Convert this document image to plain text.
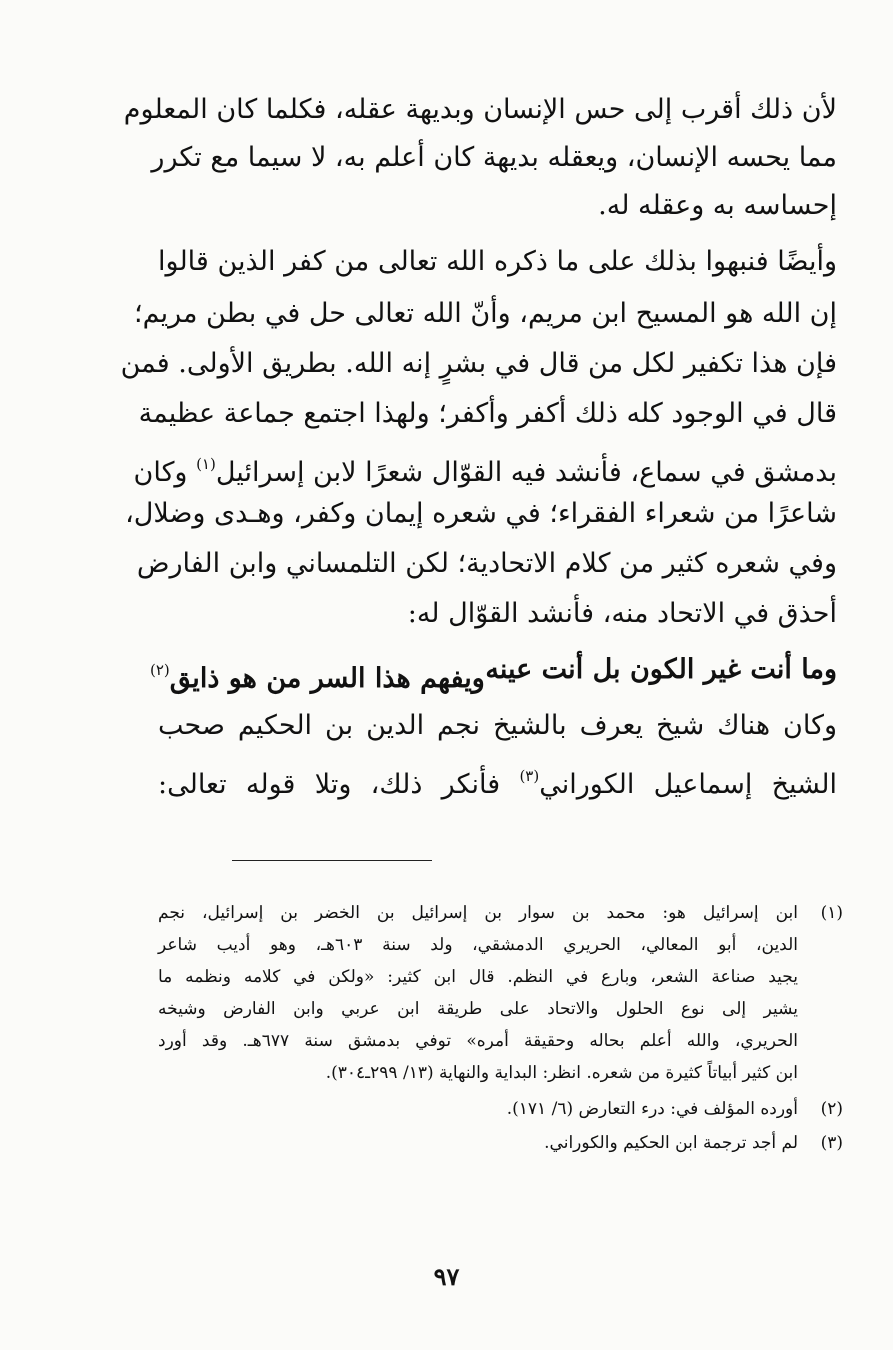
لأن ذلك أقرب إلى حس الإنسان وبديهة عقله، فكلما كان المعلوم
مما يحسه الإنسان، ويعقله بديهة كان أعلم به، لا سيما مع تكرر
إحساسه به وعقله له.
وأيضًا فنبهوا بذلك على ما ذكره الله تعالى من كفر الذين قالوا
إن الله هو المسيح ابن مريم، وأنّ الله تعالى حل في بطن مريم؛
فإن هذا تكفير لكل من قال في بشرٍ إنه الله. بطريق الأولى. فمن
قال في الوجود كله ذلك أكفر وأكفر؛ ولهذا اجتمع جماعة عظيمة
بدمشق في سماع، فأنشد فيه القوّال شعرًا لابن إسرائيل$^{(١)}$ وكان
شاعرًا من شعراء الفقراء؛ في شعره إيمان وكفر، وهـدى وضلال،
وفي شعره كثير من كلام الاتحادية؛ لكن التلمساني وابن الفارض
أحذق في الاتحاد منه، فأنشد القوّال له:
وما أنت غير الكون بل أنت عينه
ويفهم هذا السر من هو ذايق$^{(٢)}$
وكان هناك شيخ يعرف بالشيخ نجم الدين بن الحكيم صحب
الشيخ إسماعيل الكوراني$^{(٣)}$ فأنكر ذلك، وتلا قوله تعالى:
(١)
ابن إسرائيل هو: محمد بن سوار بن إسرائيل بن الخضر بن إسرائيل، نجم
الدين، أبو المعالي، الحريري الدمشقي، ولد سنة ٦٠٣هـ، وهو أديب شاعر
يجيد صناعة الشعر، وبارع في النظم. قال ابن كثير: «ولكن في كلامه ونظمه ما
يشير إلى نوع الحلول والاتحاد على طريقة ابن عربي وابن الفارض وشيخه
الحريري، والله أعلم بحاله وحقيقة أمره» توفي بدمشق سنة ٦٧٧هـ. وقد أورد
ابن كثير أبياتاً كثيرة من شعره. انظر: البداية والنهاية (١٣/ ٢٩٩ـ٣٠٤).
(٢)
أورده المؤلف في: درء التعارض (٦/ ١٧١).
(٣)
لم أجد ترجمة ابن الحكيم والكوراني.
٩٧
